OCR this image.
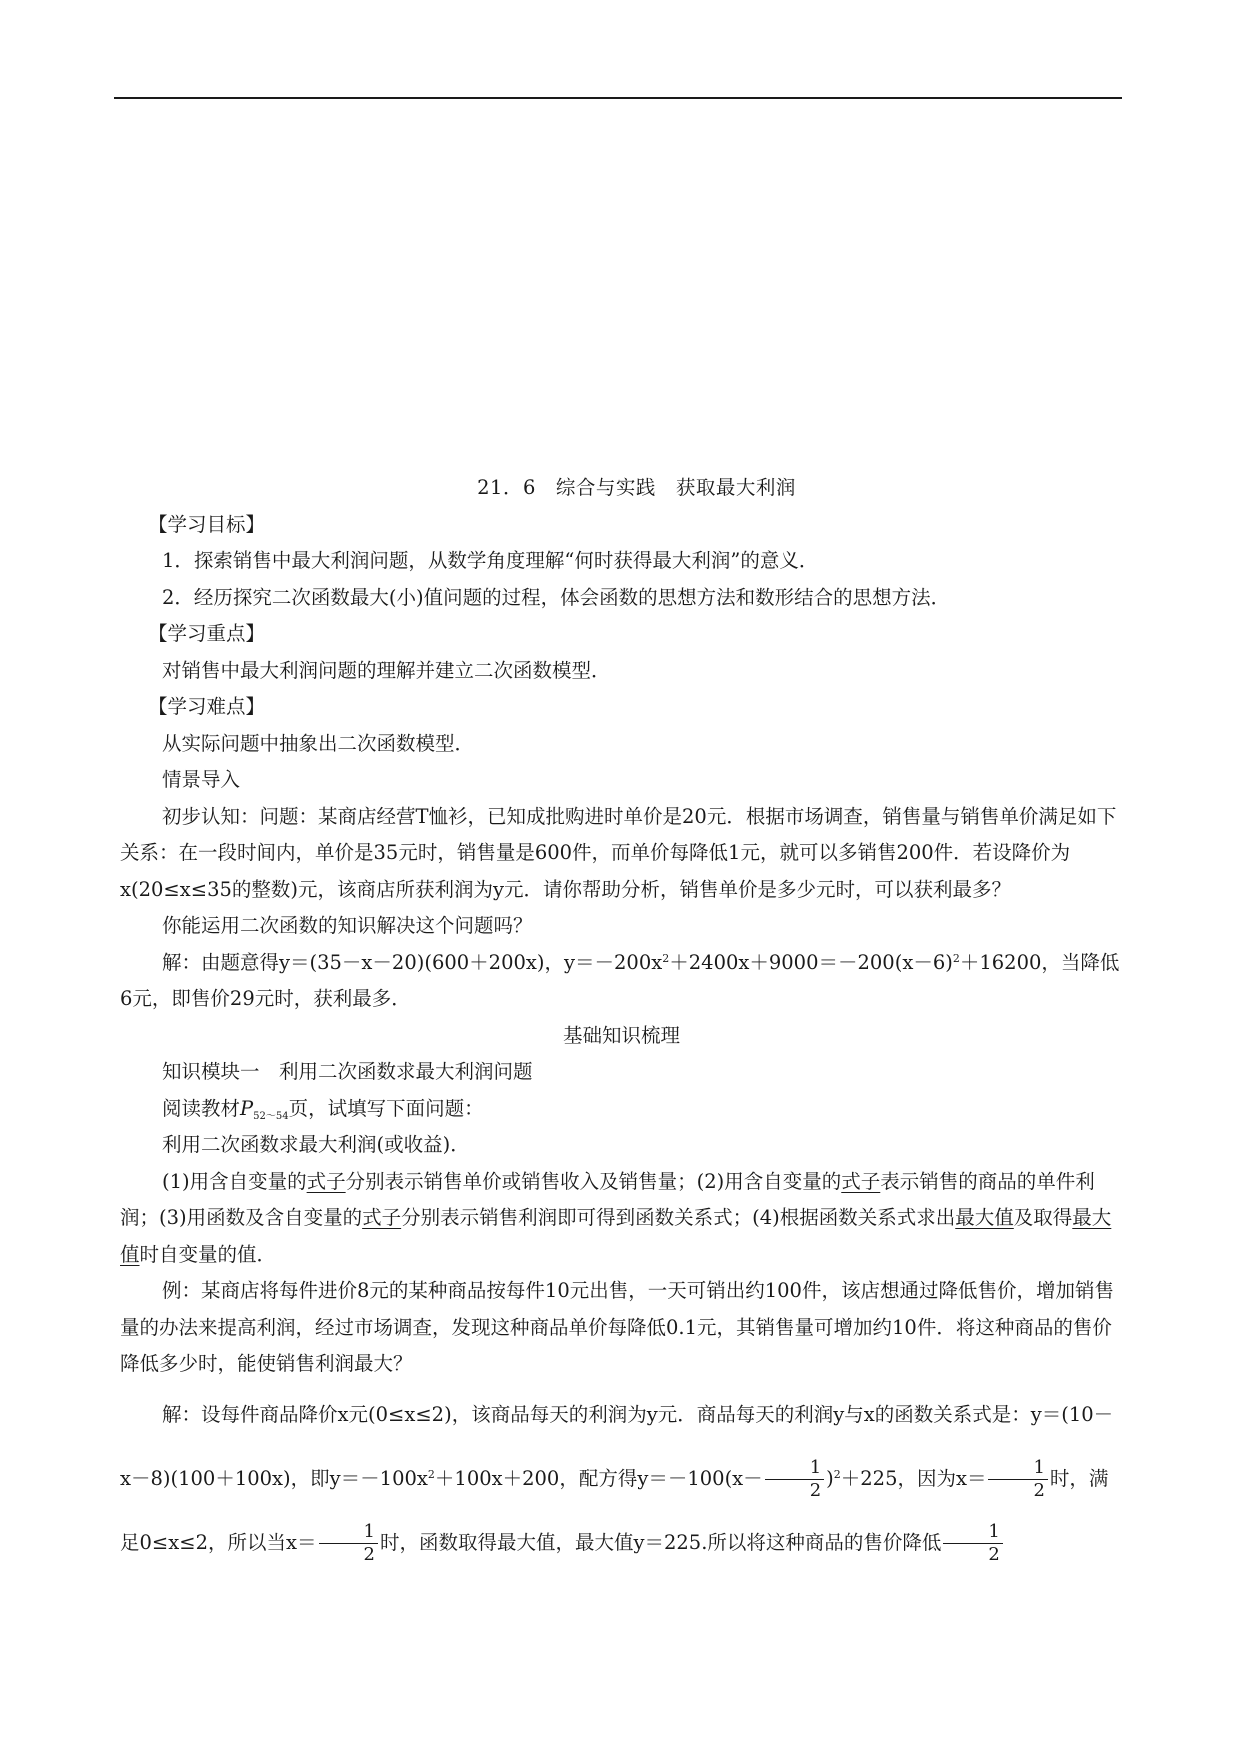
21．6　综合与实践　获取最大利润

【学习目标】

1．探索销售中最大利润问题，从数学角度理解“何时获得最大利润”的意义．

2．经历探究二次函数最大(小)值问题的过程，体会函数的思想方法和数形结合的思想方法．

【学习重点】

对销售中最大利润问题的理解并建立二次函数模型．

【学习难点】

从实际问题中抽象出二次函数模型．

情景导入

初步认知：问题：某商店经营T恤衫，已知成批购进时单价是20元．根据市场调查，销售量与销售单价满足如下关系：在一段时间内，单价是35元时，销售量是600件，而单价每降低1元，就可以多销售200件．若设降价为x(20≤x≤35的整数)元，该商店所获利润为y元．请你帮助分析，销售单价是多少元时，可以获利最多？

你能运用二次函数的知识解决这个问题吗？

解：由题意得y＝(35－x－20)(600＋200x)，$y=-200x^2+2400x+9000=-200(x-6)^2+16200$，当降低6元，即售价29元时，获利最多．

基础知识梳理

知识模块一　利用二次函数求最大利润问题

阅读教材$P_{52\sim 54}$页，试填写下面问题：

利用二次函数求最大利润(或收益)．

(1)用含自变量的式子分别表示销售单价或销售收入及销售量；(2)用含自变量的式子表示销售的商品的单件利润；(3)用函数及含自变量的式子分别表示销售利润即可得到函数关系式；(4)根据函数关系式求出最大值及取得最大值时自变量的值．

例：某商店将每件进价8元的某种商品按每件10元出售，一天可销出约100件，该店想通过降低售价，增加销售量的办法来提高利润，经过市场调查，发现这种商品单价每降低0.1元，其销售量可增加约10件．将这种商品的售价降低多少时，能使销售利润最大？

解：设每件商品降价x元(0≤x≤2)，该商品每天的利润为y元．商品每天的利润y与x的函数关系式是：y＝(10－x－8)(100＋100x)，即$y=-100x^2+100x+200$，配方得$y=-100(x- \frac{1}{2} )^2+225$，因为$x= \frac{1}{2}$ 时，满足0≤x≤2，所以当$x= \frac{1}{2}$ 时，函数取得最大值，最大值y＝225.所以将这种商品的售价降低 $\frac{1}{2}$
